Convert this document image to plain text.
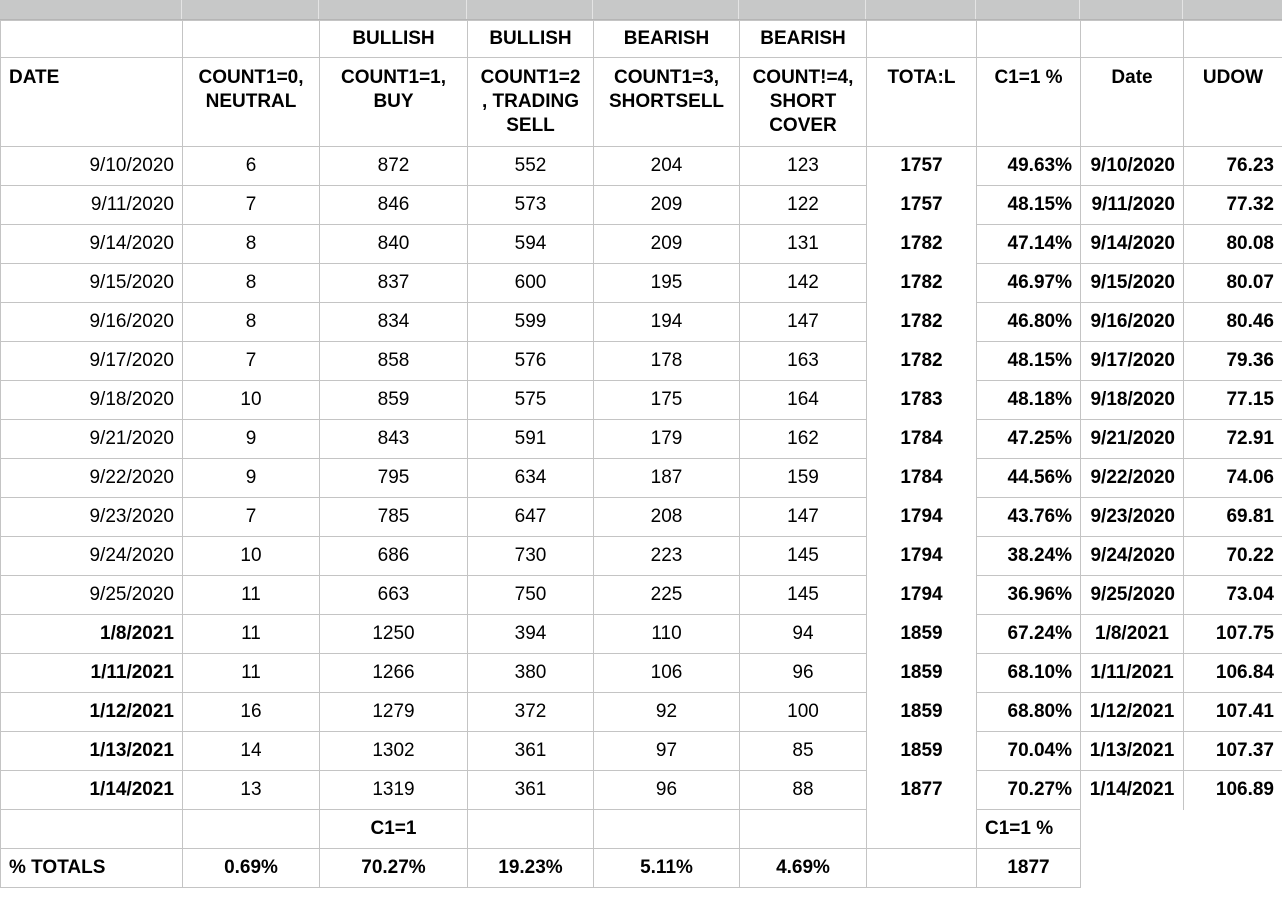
		BULLISH	BULLISH	BEARISH	BEARISH				
DATE	COUNT1=0, NEUTRAL	COUNT1=1, BUY	COUNT1=2 , TRADING SELL	COUNT1=3, SHORTSELL	COUNT!=4, SHORT COVER	TOTA:L	C1=1 %	Date	UDOW
9/10/2020	6	872	552	204	123	1757	49.63%	9/10/2020	76.23
9/11/2020	7	846	573	209	122	1757	48.15%	9/11/2020	77.32
9/14/2020	8	840	594	209	131	1782	47.14%	9/14/2020	80.08
9/15/2020	8	837	600	195	142	1782	46.97%	9/15/2020	80.07
9/16/2020	8	834	599	194	147	1782	46.80%	9/16/2020	80.46
9/17/2020	7	858	576	178	163	1782	48.15%	9/17/2020	79.36
9/18/2020	10	859	575	175	164	1783	48.18%	9/18/2020	77.15
9/21/2020	9	843	591	179	162	1784	47.25%	9/21/2020	72.91
9/22/2020	9	795	634	187	159	1784	44.56%	9/22/2020	74.06
9/23/2020	7	785	647	208	147	1794	43.76%	9/23/2020	69.81
9/24/2020	10	686	730	223	145	1794	38.24%	9/24/2020	70.22
9/25/2020	11	663	750	225	145	1794	36.96%	9/25/2020	73.04
1/8/2021	11	1250	394	110	94	1859	67.24%	1/8/2021	107.75
1/11/2021	11	1266	380	106	96	1859	68.10%	1/11/2021	106.84
1/12/2021	16	1279	372	92	100	1859	68.80%	1/12/2021	107.41
1/13/2021	14	1302	361	97	85	1859	70.04%	1/13/2021	107.37
1/14/2021	13	1319	361	96	88	1877	70.27%	1/14/2021	106.89
		C1=1					C1=1 %		
% TOTALS	0.69%	70.27%	19.23%	5.11%	4.69%		1877		
